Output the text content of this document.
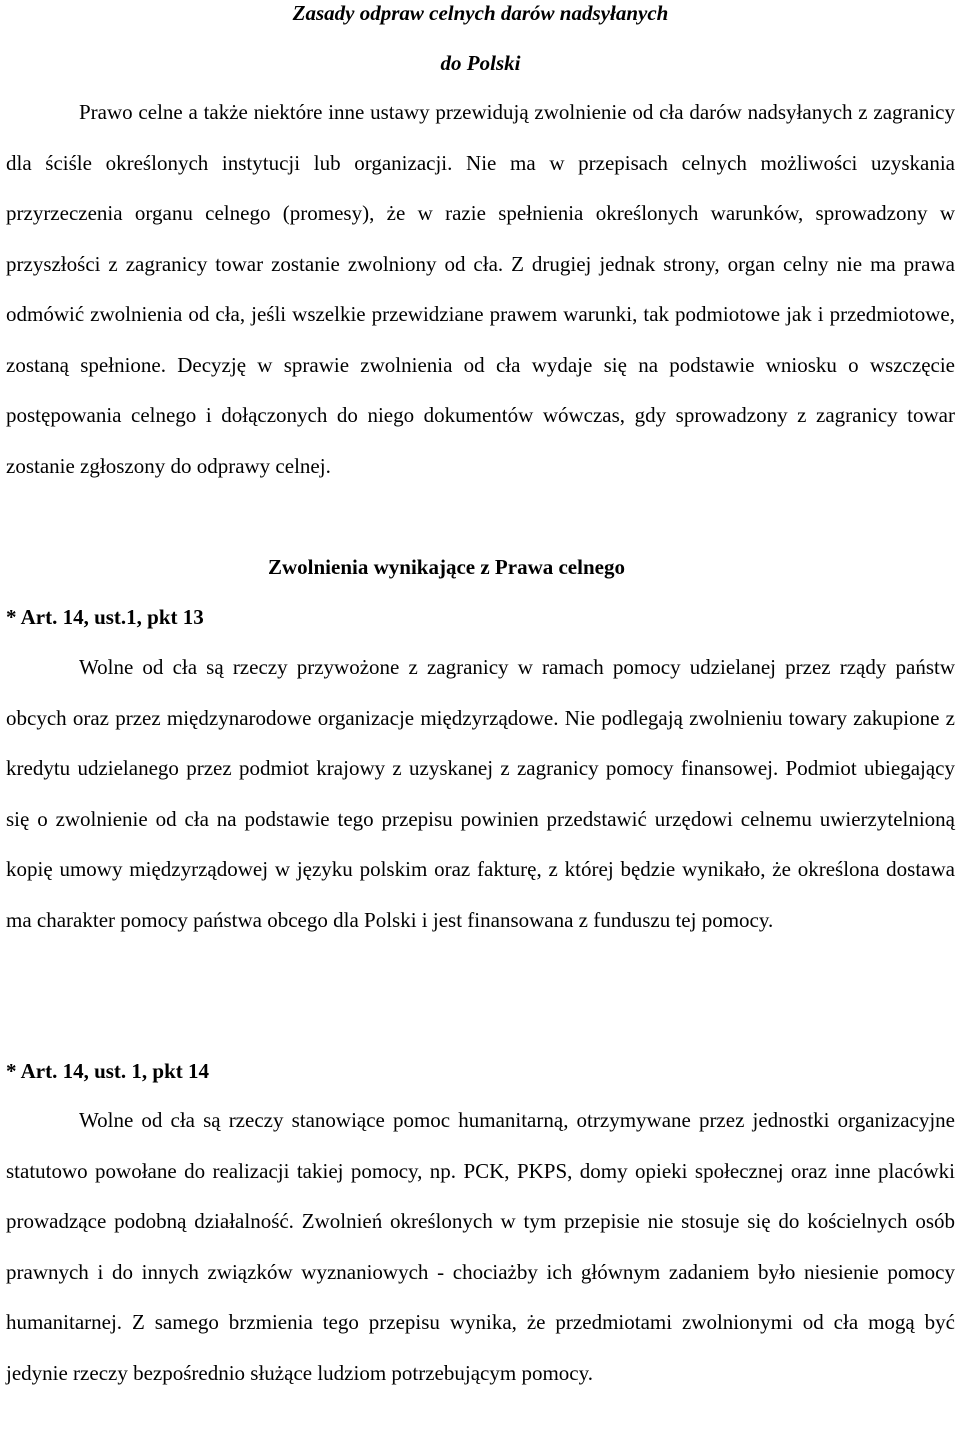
Zasady odpraw celnych darów nadsyłanych
do Polski

Prawo celne a także niektóre inne ustawy przewidują zwolnienie od cła darów nadsyłanych z zagranicy dla ściśle określonych instytucji lub organizacji. Nie ma w przepisach celnych możliwości uzyskania przyrzeczenia organu celnego (promesy), że w razie spełnienia określonych warunków, sprowadzony w przyszłości z zagranicy towar zostanie zwolniony od cła. Z drugiej jednak strony, organ celny nie ma prawa odmówić zwolnienia od cła, jeśli wszelkie przewidziane prawem warunki, tak podmiotowe jak i przedmiotowe, zostaną spełnione. Decyzję w sprawie zwolnienia od cła wydaje się na podstawie wniosku o wszczęcie postępowania celnego i dołączonych do niego dokumentów wówczas, gdy sprowadzony z zagranicy towar zostanie zgłoszony do odprawy celnej.

Zwolnienia wynikające z Prawa celnego
* Art. 14, ust.1, pkt 13

Wolne od cła są rzeczy przywożone z zagranicy w ramach pomocy udzielanej przez rządy państw obcych oraz przez międzynarodowe organizacje międzyrządowe. Nie podlegają zwolnieniu towary zakupione z kredytu udzielanego przez podmiot krajowy z uzyskanej z zagranicy pomocy finansowej. Podmiot ubiegający się o zwolnienie od cła na podstawie tego przepisu powinien przedstawić urzędowi celnemu uwierzytelnioną kopię umowy międzyrządowej w języku polskim oraz fakturę, z której będzie wynikało, że określona dostawa ma charakter pomocy państwa obcego dla Polski i jest finansowana z funduszu tej pomocy.

* Art. 14, ust. 1, pkt 14

Wolne od cła są rzeczy stanowiące pomoc humanitarną, otrzymywane przez jednostki organizacyjne statutowo powołane do realizacji takiej pomocy, np. PCK, PKPS, domy opieki społecznej oraz inne placówki prowadzące podobną działalność. Zwolnień określonych w tym przepisie nie stosuje się do kościelnych osób prawnych i do innych związków wyznaniowych - chociażby ich głównym zadaniem było niesienie pomocy humanitarnej. Z samego brzmienia tego przepisu wynika, że przedmiotami zwolnionymi od cła mogą być jedynie rzeczy bezpośrednio służące ludziom potrzebującym pomocy.
